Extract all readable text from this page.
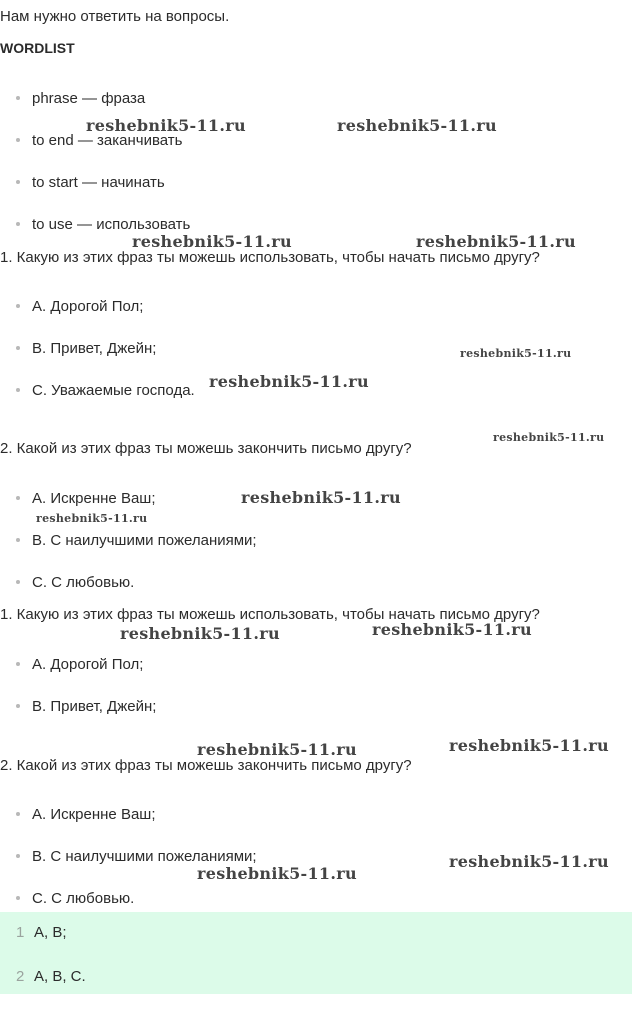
Нам нужно ответить на вопросы.
WORDLIST
phrase — фраза
to end — заканчивать
to start — начинать
to use — использовать
1. Какую из этих фраз ты можешь использовать, чтобы начать письмо другу?
A. Дорогой Пол;
B. Привет, Джейн;
C. Уважаемые господа.
2. Какой из этих фраз ты можешь закончить письмо другу?
A. Искренне Ваш;
B. С наилучшими пожеланиями;
C. С любовью.
1. Какую из этих фраз ты можешь использовать, чтобы начать письмо другу?
A. Дорогой Пол;
B. Привет, Джейн;
2. Какой из этих фраз ты можешь закончить письмо другу?
A. Искренне Ваш;
B. С наилучшими пожеланиями;
C. С любовью.
1 A, B;
2 A, B, C.
reshebnik5-11.ru	reshebnik5-11.ru
reshebnik5-11.ru	reshebnik5-11.ru
reshebnik5-11.ru
reshebnik5-11.ru
reshebnik5-11.ru
reshebnik5-11.ru
reshebnik5-11.ru
reshebnik5-11.ru	reshebnik5-11.ru
reshebnik5-11.ru	reshebnik5-11.ru
reshebnik5-11.ru
reshebnik5-11.ru
